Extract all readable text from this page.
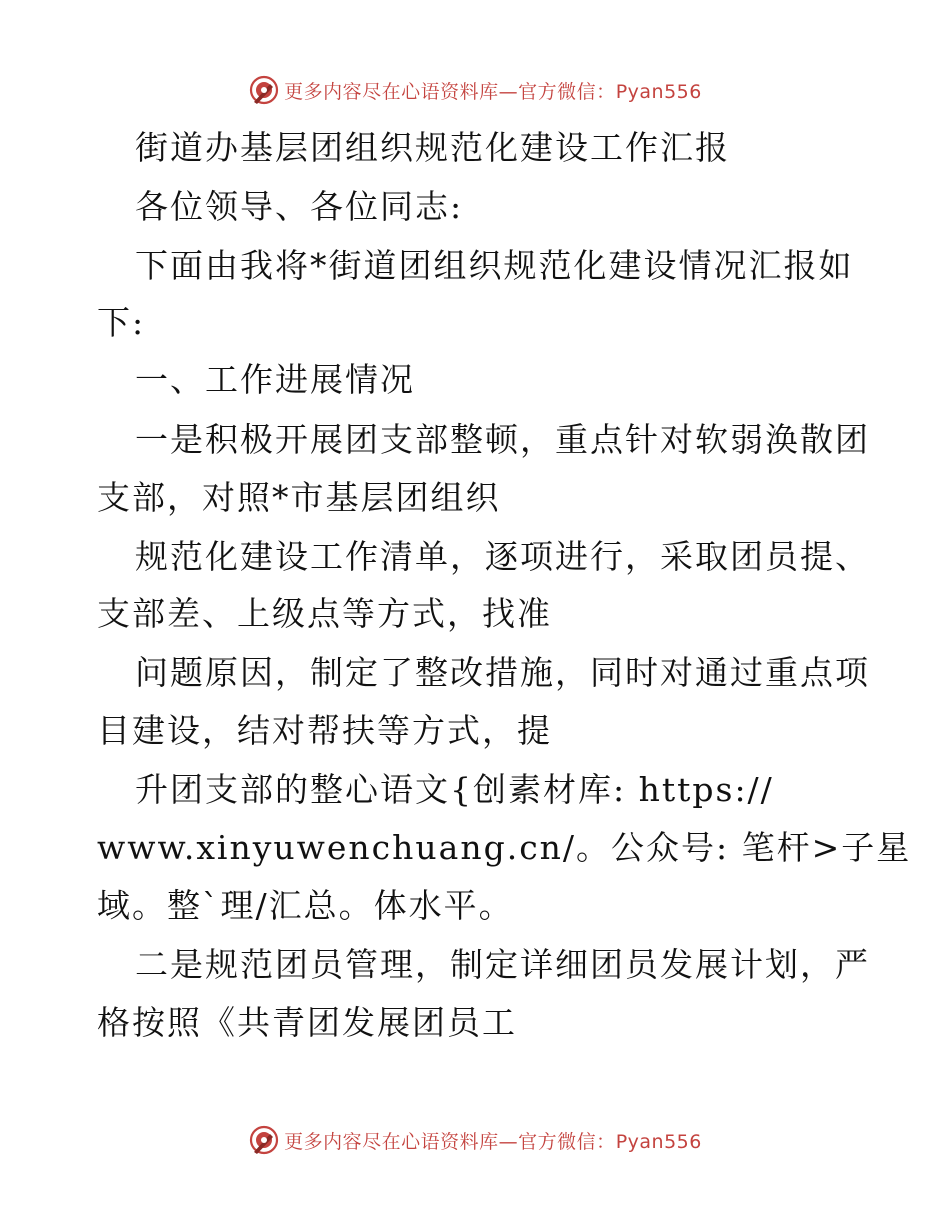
更多内容尽在心语资料库—官方微信：Pyan556
街道办基层团组织规范化建设工作汇报
各位领导、各位同志:
下面由我将*街道团组织规范化建设情况汇报如
下:
一、工作进展情况
一是积极开展团支部整顿，重点针对软弱涣散团
支部，对照*市基层团组织
规范化建设工作清单，逐项进行，采取团员提、
支部差、上级点等方式，找准
问题原因，制定了整改措施，同时对通过重点项
目建设，结对帮扶等方式，提
升团支部的整心语文{创素材库: https://
www.xinyuwenchuang.cn/。公众号: 笔杆>子星
域。整`理/汇总。体水平。
二是规范团员管理，制定详细团员发展计划，严
格按照《共青团发展团员工
更多内容尽在心语资料库—官方微信：Pyan556
